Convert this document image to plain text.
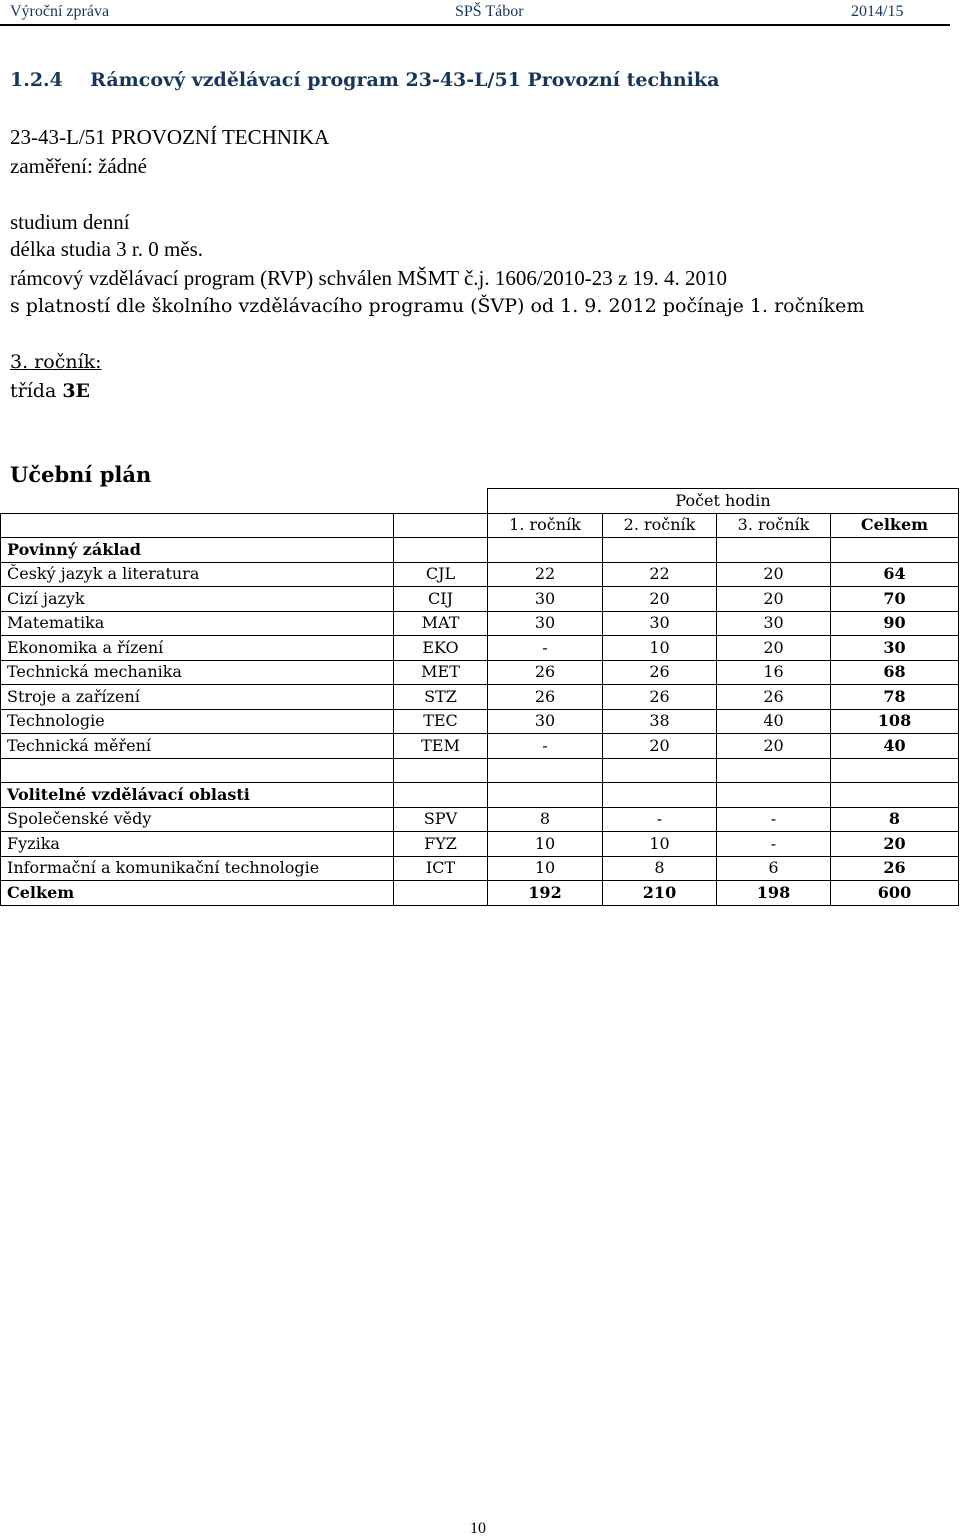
Výroční zpráva	SPŠ Tábor	2014/15
1.2.4 Rámcový vzdělávací program 23-43-L/51 Provozní technika
23-43-L/51 PROVOZNÍ TECHNIKA
zaměření: žádné
studium denní
délka studia 3 r. 0 měs.
rámcový vzdělávací program (RVP) schválen MŠMT č.j. 1606/2010-23 z 19. 4. 2010
s platností dle školního vzdělávacího programu (ŠVP) od 1. 9. 2012 počínaje 1. ročníkem
3. ročník:
třída 3E
Učební plán
		Počet hodin			
		1. ročník	2. ročník	3. ročník	Celkem
Povinný základ					
Český jazyk a literatura	CJL	22	22	20	64
Cizí jazyk	CIJ	30	20	20	70
Matematika	MAT	30	30	30	90
Ekonomika a řízení	EKO	-	10	20	30
Technická mechanika	MET	26	26	16	68
Stroje a zařízení	STZ	26	26	26	78
Technologie	TEC	30	38	40	108
Technická měření	TEM	-	20	20	40

Volitelné vzdělávací oblasti					
Společenské vědy	SPV	8	-	-	8
Fyzika	FYZ	10	10	-	20
Informační a komunikační technologie	ICT	10	8	6	26
Celkem		192	210	198	600
10
